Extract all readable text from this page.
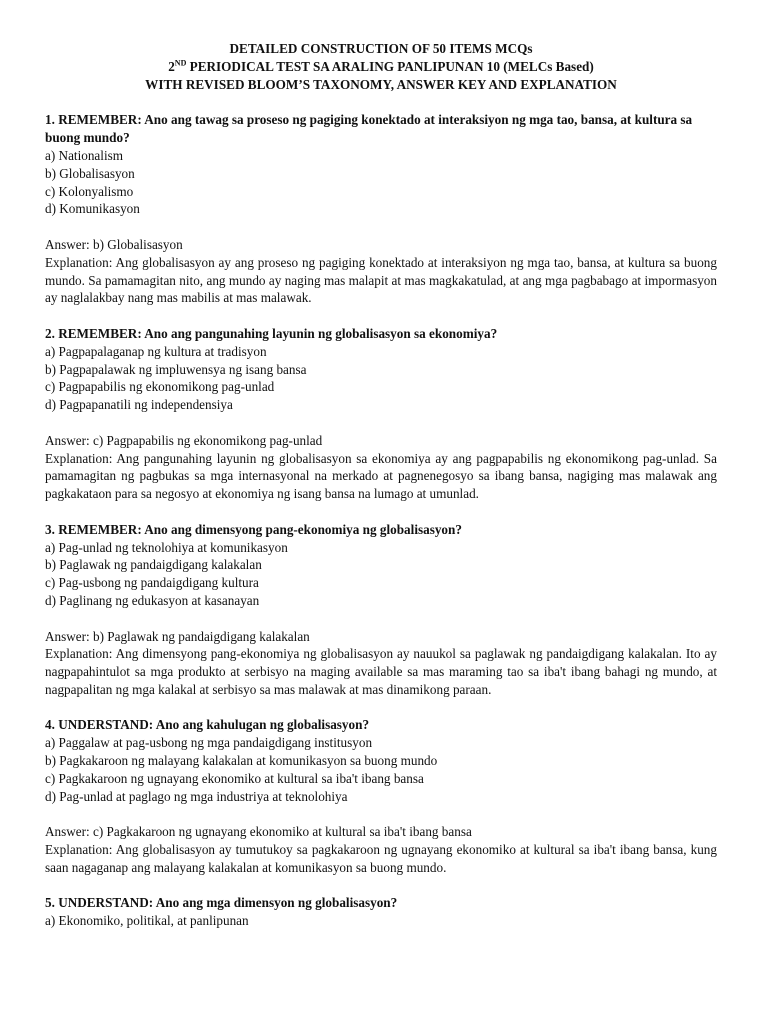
DETAILED CONSTRUCTION OF 50 ITEMS MCQs
2ND PERIODICAL TEST SA ARALING PANLIPUNAN 10 (MELCs Based)
WITH REVISED BLOOM’S TAXONOMY, ANSWER KEY AND EXPLANATION
1. REMEMBER: Ano ang tawag sa proseso ng pagiging konektado at interaksiyon ng mga tao, bansa, at kultura sa buong mundo?
a) Nationalism
b) Globalisasyon
c) Kolonyalismo
d) Komunikasyon
Answer: b) Globalisasyon
Explanation: Ang globalisasyon ay ang proseso ng pagiging konektado at interaksiyon ng mga tao, bansa, at kultura sa buong mundo. Sa pamamagitan nito, ang mundo ay naging mas malapit at mas magkakatulad, at ang mga pagbabago at impormasyon ay naglalakbay nang mas mabilis at mas malawak.
2. REMEMBER: Ano ang pangunahing layunin ng globalisasyon sa ekonomiya?
a) Pagpapalaganap ng kultura at tradisyon
b) Pagpapalawak ng impluwensya ng isang bansa
c) Pagpapabilis ng ekonomikong pag-unlad
d) Pagpapanatili ng independensiya
Answer: c) Pagpapabilis ng ekonomikong pag-unlad
Explanation: Ang pangunahing layunin ng globalisasyon sa ekonomiya ay ang pagpapabilis ng ekonomikong pag-unlad. Sa pamamagitan ng pagbukas sa mga internasyonal na merkado at pagnenegosyo sa ibang bansa, nagiging mas malawak ang pagkakataon para sa negosyo at ekonomiya ng isang bansa na lumago at umunlad.
3. REMEMBER: Ano ang dimensyong pang-ekonomiya ng globalisasyon?
a) Pag-unlad ng teknolohiya at komunikasyon
b) Paglawak ng pandaigdigang kalakalan
c) Pag-usbong ng pandaigdigang kultura
d) Paglinang ng edukasyon at kasanayan
Answer: b) Paglawak ng pandaigdigang kalakalan
Explanation: Ang dimensyong pang-ekonomiya ng globalisasyon ay nauukol sa paglawak ng pandaigdigang kalakalan. Ito ay nagpapahintulot sa mga produkto at serbisyo na maging available sa mas maraming tao sa iba't ibang bahagi ng mundo, at nagpapalitan ng mga kalakal at serbisyo sa mas malawak at mas dinamikong paraan.
4. UNDERSTAND: Ano ang kahulugan ng globalisasyon?
a) Paggalaw at pag-usbong ng mga pandaigdigang institusyon
b) Pagkakaroon ng malayang kalakalan at komunikasyon sa buong mundo
c) Pagkakaroon ng ugnayang ekonomiko at kultural sa iba't ibang bansa
d) Pag-unlad at paglago ng mga industriya at teknolohiya
Answer: c) Pagkakaroon ng ugnayang ekonomiko at kultural sa iba't ibang bansa
Explanation: Ang globalisasyon ay tumutukoy sa pagkakaroon ng ugnayang ekonomiko at kultural sa iba't ibang bansa, kung saan nagaganap ang malayang kalakalan at komunikasyon sa buong mundo.
5. UNDERSTAND: Ano ang mga dimensyon ng globalisasyon?
a) Ekonomiko, politikal, at panlipunan
